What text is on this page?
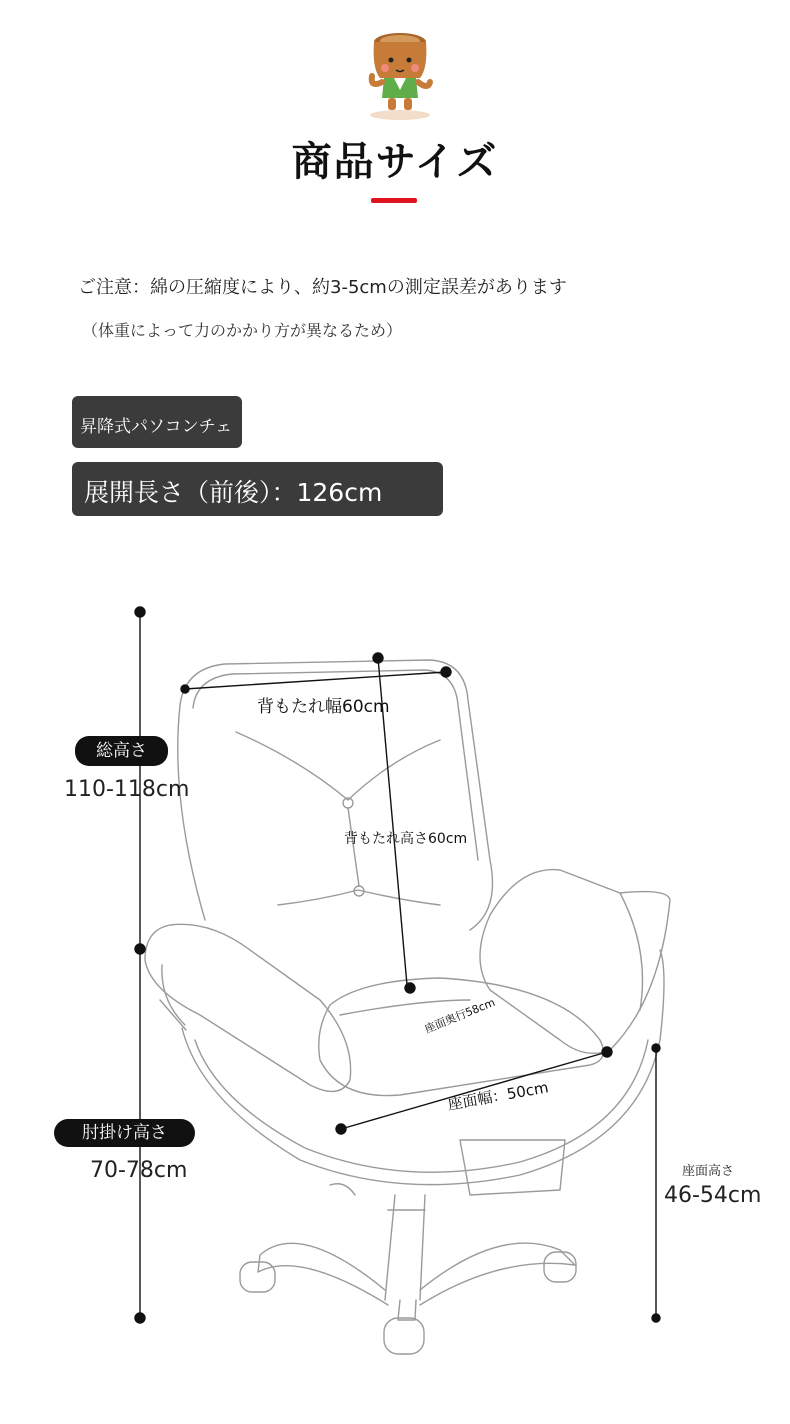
商品サイズ
ご注意：綿の圧縮度により、約3-5cmの測定誤差があります
（体重によって力のかかり方が異なるため）
昇降式パソコンチェ
展開長さ（前後）：126cm
総高さ
110-118cm
肘掛け高さ
70-78cm	座面高さ
46-54cm
背もたれ幅60cm
背もたれ高さ60cm
座面奥行58cm
座面幅：50cm
